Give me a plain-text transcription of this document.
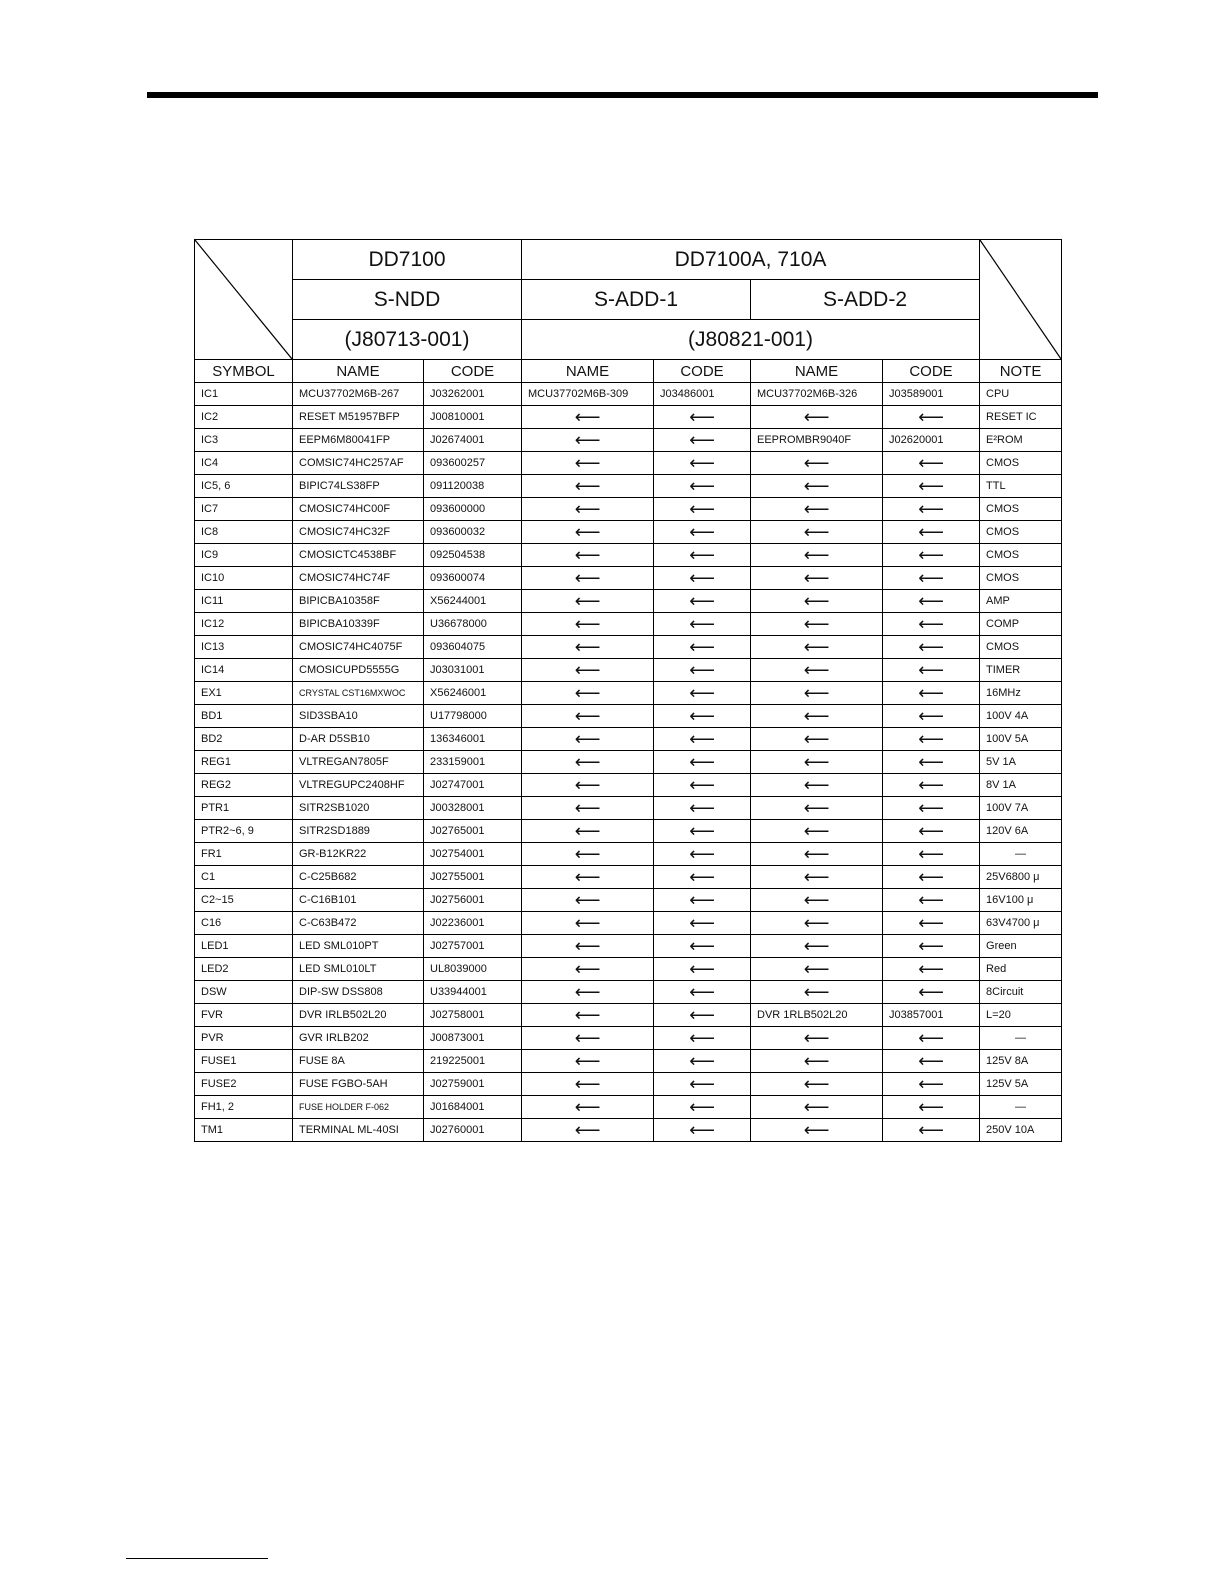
	DD7100		DD7100A, 710A	

	S-NDD		S-ADD-1		S-ADD-2		
	(J80713-001)		(J80821-001)				
SYMBOL	NAME	CODE	NAME	CODE	NAME	CODE	NOTE
IC1	MCU37702M6B-267	J03262001	MCU37702M6B-309	J03486001	MCU37702M6B-326	J03589001	CPU
IC2	RESET M51957BFP	J00810001	⟵	⟵	⟵	⟵	RESET IC
IC3	EEPM6M80041FP	J02674001	⟵	⟵	EEPROMBR9040F	J02620001	E²ROM
IC4	COMSIC74HC257AF	093600257	⟵	⟵	⟵	⟵	CMOS
IC5, 6	BIPIC74LS38FP	091120038	⟵	⟵	⟵	⟵	TTL
IC7	CMOSIC74HC00F	093600000	⟵	⟵	⟵	⟵	CMOS
IC8	CMOSIC74HC32F	093600032	⟵	⟵	⟵	⟵	CMOS
IC9	CMOSICTC4538BF	092504538	⟵	⟵	⟵	⟵	CMOS
IC10	CMOSIC74HC74F	093600074	⟵	⟵	⟵	⟵	CMOS
IC11	BIPICBA10358F	X56244001	⟵	⟵	⟵	⟵	AMP
IC12	BIPICBA10339F	U36678000	⟵	⟵	⟵	⟵	COMP
IC13	CMOSIC74HC4075F	093604075	⟵	⟵	⟵	⟵	CMOS
IC14	CMOSICUPD5555G	J03031001	⟵	⟵	⟵	⟵	TIMER
EX1	CRYSTAL CST16MXWOC	X56246001	⟵	⟵	⟵	⟵	16MHz
BD1	SID3SBA10	U17798000	⟵	⟵	⟵	⟵	100V 4A
BD2	D-AR D5SB10	136346001	⟵	⟵	⟵	⟵	100V 5A
REG1	VLTREGAN7805F	233159001	⟵	⟵	⟵	⟵	5V 1A
REG2	VLTREGUPC2408HF	J02747001	⟵	⟵	⟵	⟵	8V 1A
PTR1	SITR2SB1020	J00328001	⟵	⟵	⟵	⟵	100V 7A
PTR2~6, 9	SITR2SD1889	J02765001	⟵	⟵	⟵	⟵	120V 6A
FR1	GR-B12KR22	J02754001	⟵	⟵	⟵	⟵	—
C1	C-C25B682	J02755001	⟵	⟵	⟵	⟵	25V6800 μ
C2~15	C-C16B101	J02756001	⟵	⟵	⟵	⟵	16V100 μ
C16	C-C63B472	J02236001	⟵	⟵	⟵	⟵	63V4700 μ
LED1	LED SML010PT	J02757001	⟵	⟵	⟵	⟵	Green
LED2	LED SML010LT	UL8039000	⟵	⟵	⟵	⟵	Red
DSW	DIP-SW DSS808	U33944001	⟵	⟵	⟵	⟵	8Circuit
FVR	DVR IRLB502L20	J02758001	⟵	⟵	DVR 1RLB502L20	J03857001	L=20
PVR	GVR IRLB202	J00873001	⟵	⟵	⟵	⟵	—
FUSE1	FUSE 8A	219225001	⟵	⟵	⟵	⟵	125V 8A
FUSE2	FUSE FGBO-5AH	J02759001	⟵	⟵	⟵	⟵	125V 5A
FH1, 2	FUSE HOLDER F-062	J01684001	⟵	⟵	⟵	⟵	—
TM1	TERMINAL ML-40SI	J02760001	⟵	⟵	⟵	⟵	250V 10A
